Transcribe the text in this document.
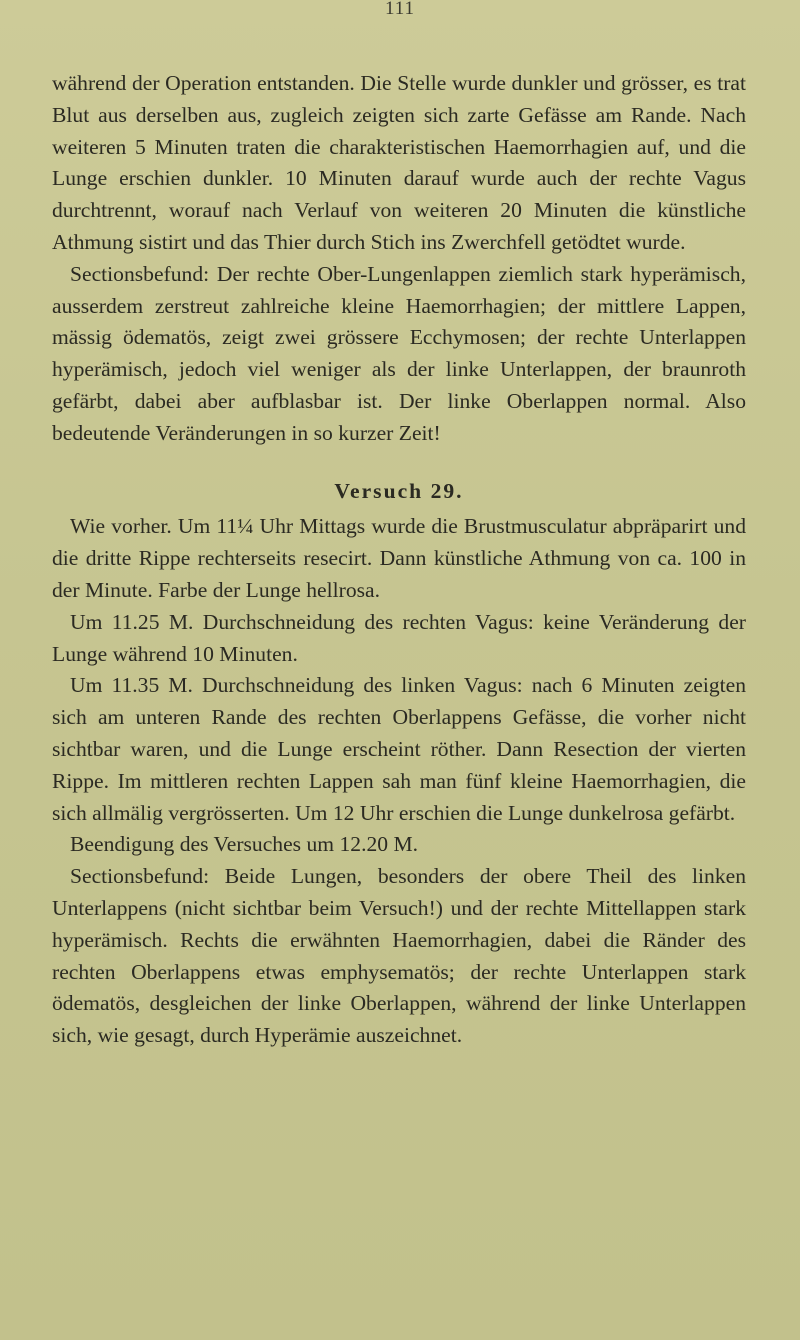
111

während der Operation entstanden. Die Stelle wurde dunkler und grösser, es trat Blut aus derselben aus, zugleich zeigten sich zarte Gefässe am Rande. Nach weiteren 5 Minuten traten die charakteristischen Haemorrhagien auf, und die Lunge erschien dunkler. 10 Minuten darauf wurde auch der rechte Vagus durchtrennt, worauf nach Verlauf von weiteren 20 Minuten die künstliche Athmung sistirt und das Thier durch Stich ins Zwerchfell getödtet wurde.

Sectionsbefund: Der rechte Ober-Lungenlappen ziemlich stark hyperämisch, ausserdem zerstreut zahlreiche kleine Haemorrhagien; der mittlere Lappen, mässig ödematös, zeigt zwei grössere Ecchymosen; der rechte Unterlappen hyperämisch, jedoch viel weniger als der linke Unterlappen, der braunroth gefärbt, dabei aber aufblasbar ist. Der linke Oberlappen normal. Also bedeutende Veränderungen in so kurzer Zeit!

Versuch 29.

Wie vorher. Um 11¼ Uhr Mittags wurde die Brustmusculatur abpräparirt und die dritte Rippe rechterseits resecirt. Dann künstliche Athmung von ca. 100 in der Minute. Farbe der Lunge hellrosa.

Um 11.25 M. Durchschneidung des rechten Vagus: keine Veränderung der Lunge während 10 Minuten.

Um 11.35 M. Durchschneidung des linken Vagus: nach 6 Minuten zeigten sich am unteren Rande des rechten Oberlappens Gefässe, die vorher nicht sichtbar waren, und die Lunge erscheint röther. Dann Resection der vierten Rippe. Im mittleren rechten Lappen sah man fünf kleine Haemorrhagien, die sich allmälig vergrösserten. Um 12 Uhr erschien die Lunge dunkelrosa gefärbt.

Beendigung des Versuches um 12.20 M.

Sectionsbefund: Beide Lungen, besonders der obere Theil des linken Unterlappens (nicht sichtbar beim Versuch!) und der rechte Mittellappen stark hyperämisch. Rechts die erwähnten Haemorrhagien, dabei die Ränder des rechten Oberlappens etwas emphysematös; der rechte Unterlappen stark ödematös, desgleichen der linke Oberlappen, während der linke Unterlappen sich, wie gesagt, durch Hyperämie auszeichnet.
